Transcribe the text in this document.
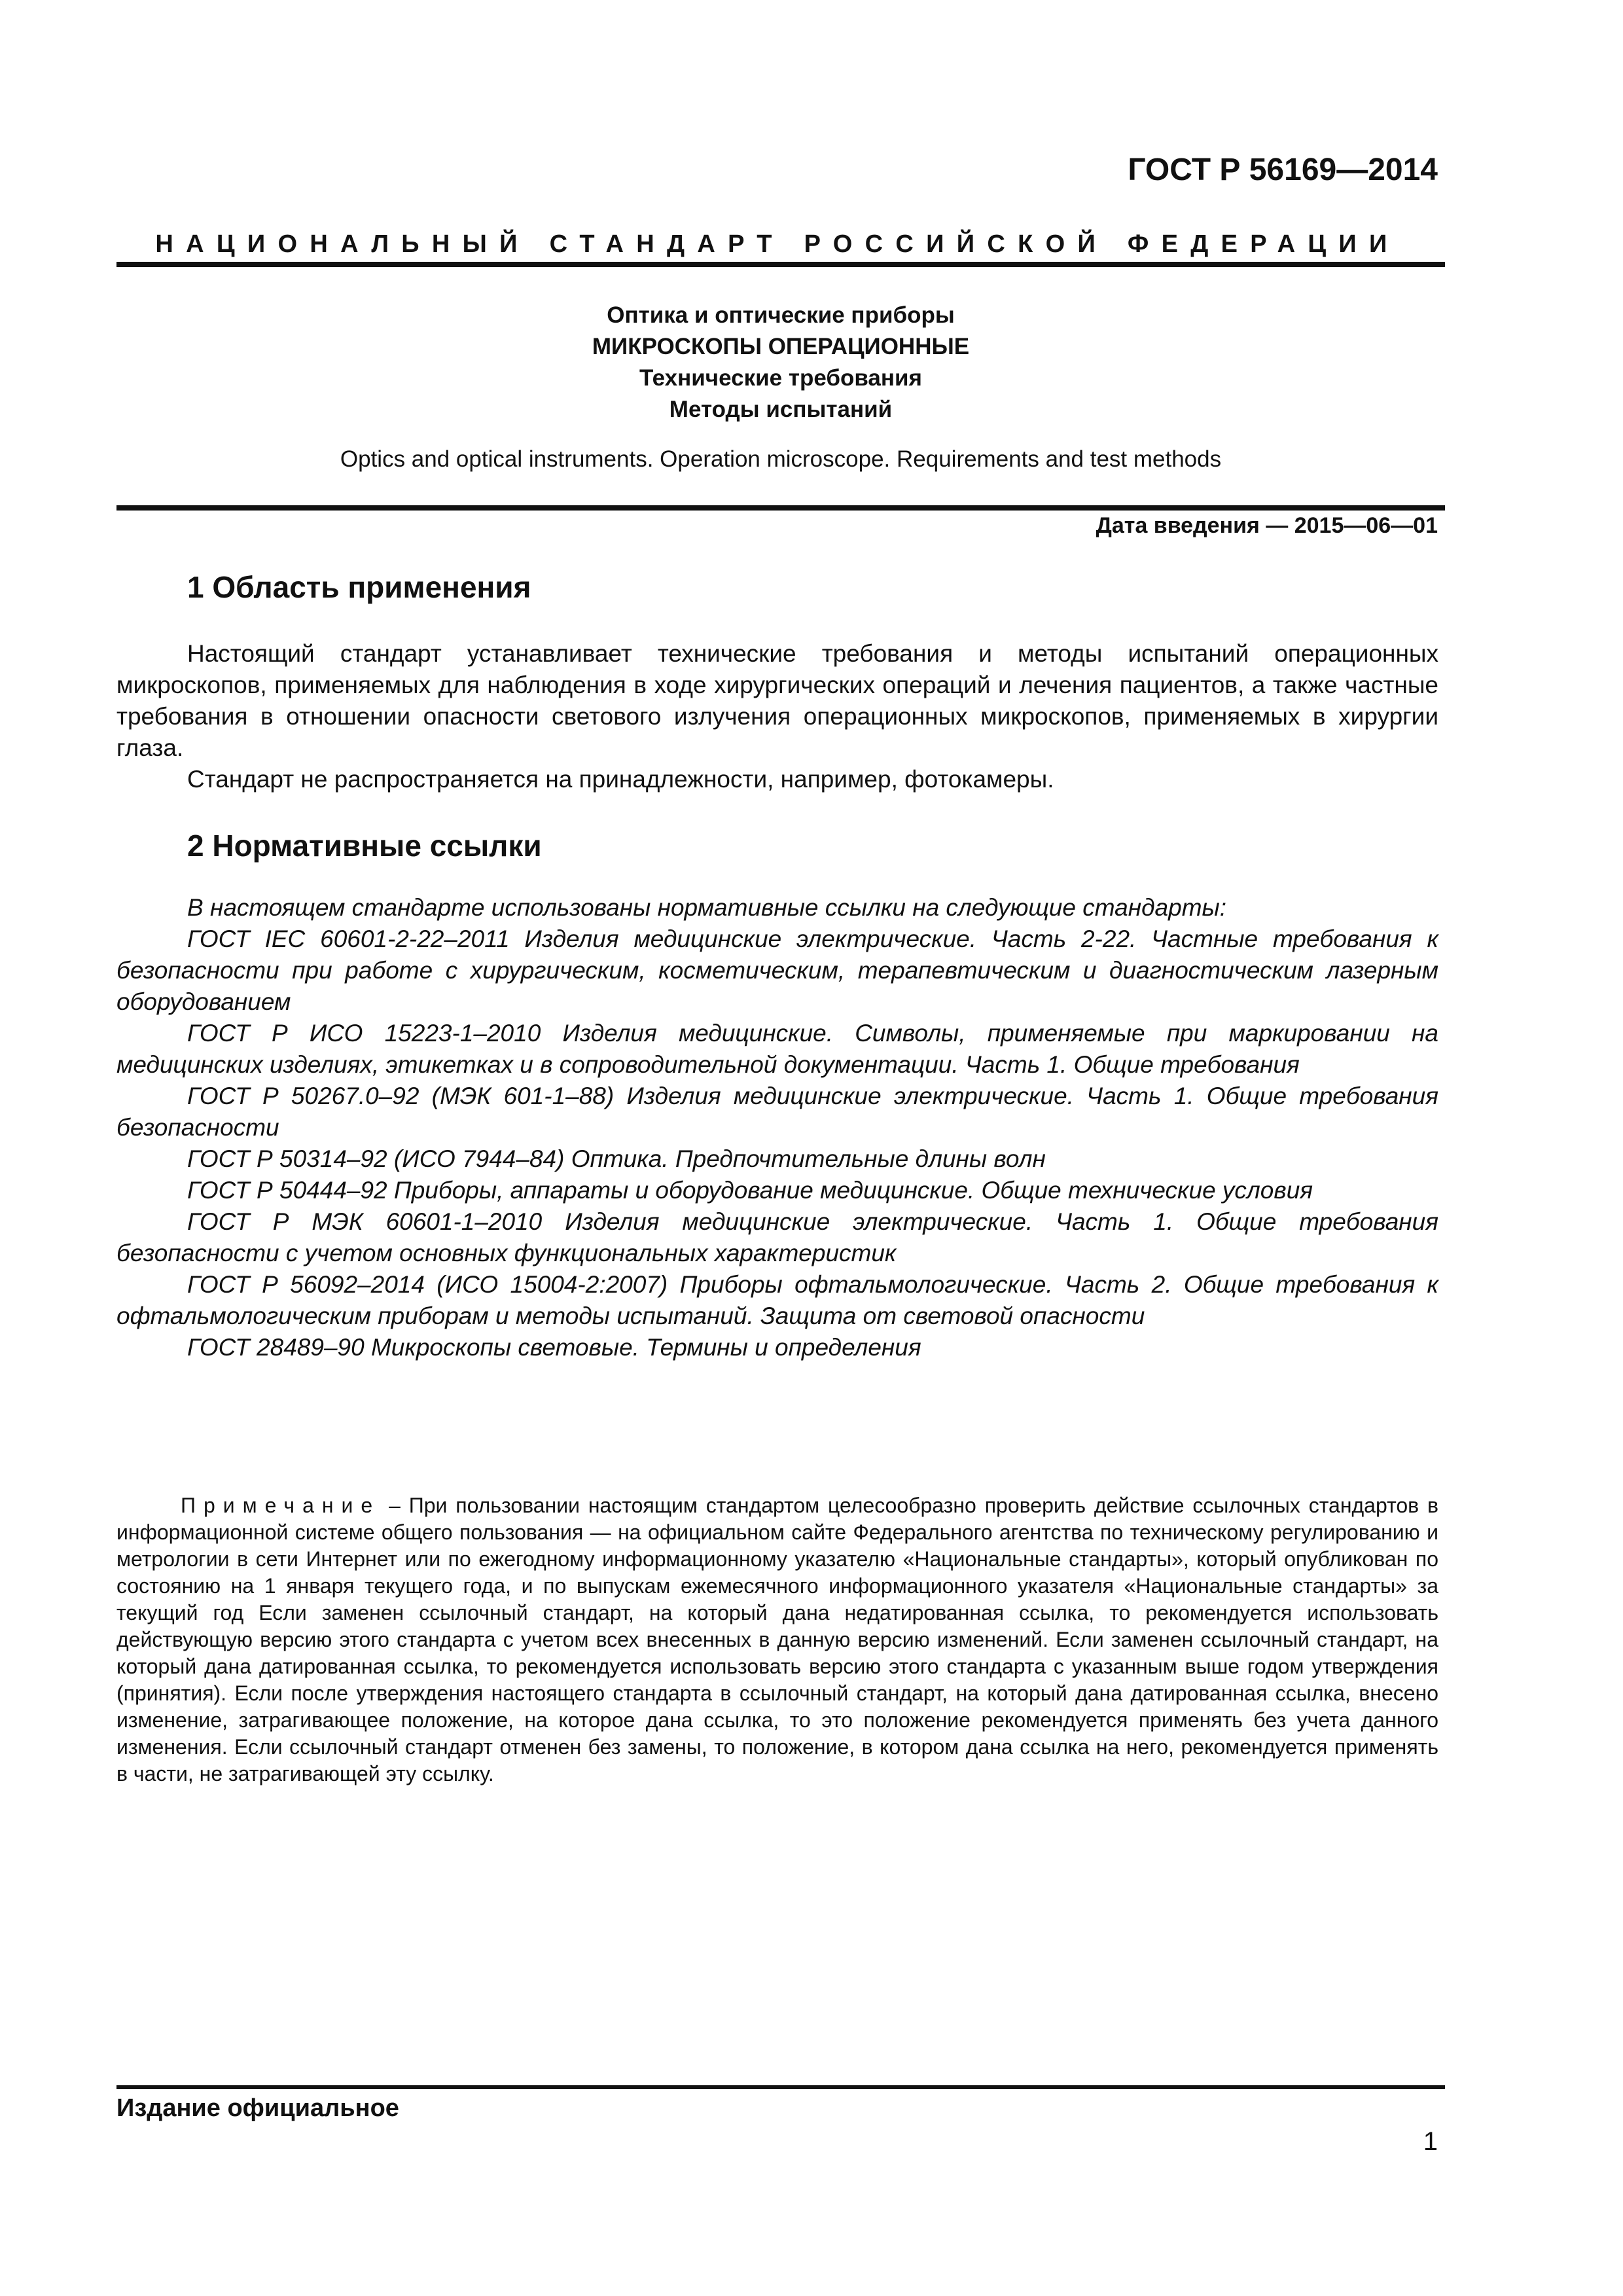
ГОСТ Р 56169—2014
НАЦИОНАЛЬНЫЙ СТАНДАРТ РОССИЙСКОЙ ФЕДЕРАЦИИ
Оптика и оптические приборы
МИКРОСКОПЫ ОПЕРАЦИОННЫЕ
Технические требования
Методы испытаний
Optics and optical instruments. Operation microscope. Requirements and test methods
Дата введения — 2015—06—01
1 Область применения

Настоящий стандарт устанавливает технические требования и методы испытаний операционных микроскопов, применяемых для наблюдения в ходе хирургических операций и лечения пациентов, а также частные требования в отношении опасности светового излучения операционных микроскопов, применяемых в хирургии глаза.

Стандарт не распространяется на принадлежности, например, фотокамеры.

2 Нормативные ссылки

В настоящем стандарте использованы нормативные ссылки на следующие стандарты:

ГОСТ IEC 60601-2-22–2011 Изделия медицинские электрические. Часть 2-22. Частные требования к безопасности при работе с хирургическим, косметическим, терапевтическим и диагностическим лазерным оборудованием

ГОСТ Р ИСО 15223-1–2010 Изделия медицинские. Символы, применяемые при маркировании на медицинских изделиях, этикетках и в сопроводительной документации. Часть 1. Общие требования

ГОСТ Р 50267.0–92 (МЭК 601-1–88) Изделия медицинские электрические. Часть 1. Общие требования безопасности

ГОСТ Р 50314–92 (ИСО 7944–84) Оптика. Предпочтительные длины волн

ГОСТ Р 50444–92 Приборы, аппараты и оборудование медицинские. Общие технические условия

ГОСТ Р МЭК 60601-1–2010 Изделия медицинские электрические. Часть 1. Общие требования безопасности с учетом основных функциональных характеристик

ГОСТ Р 56092–2014 (ИСО 15004-2:2007) Приборы офтальмологические. Часть 2. Общие требования к офтальмологическим приборам и методы испытаний. Защита от световой опасности

ГОСТ 28489–90 Микроскопы световые. Термины и определения

Примечание – При пользовании настоящим стандартом целесообразно проверить действие ссылочных стандартов в информационной системе общего пользования — на официальном сайте Федерального агентства по техническому регулированию и метрологии в сети Интернет или по ежегодному информационному указателю «Национальные стандарты», который опубликован по состоянию на 1 января текущего года, и по выпускам ежемесячного информационного указателя «Национальные стандарты» за текущий год Если заменен ссылочный стандарт, на который дана недатированная ссылка, то рекомендуется использовать действующую версию этого стандарта с учетом всех внесенных в данную версию изменений. Если заменен ссылочный стандарт, на который дана датированная ссылка, то рекомендуется использовать версию этого стандарта с указанным выше годом утверждения (принятия). Если после утверждения настоящего стандарта в ссылочный стандарт, на который дана датированная ссылка, внесено изменение, затрагивающее положение, на которое дана ссылка, то это положение рекомендуется применять без учета данного изменения. Если ссылочный стандарт отменен без замены, то положение, в котором дана ссылка на него, рекомендуется применять в части, не затрагивающей эту ссылку.

Издание официальное
1
